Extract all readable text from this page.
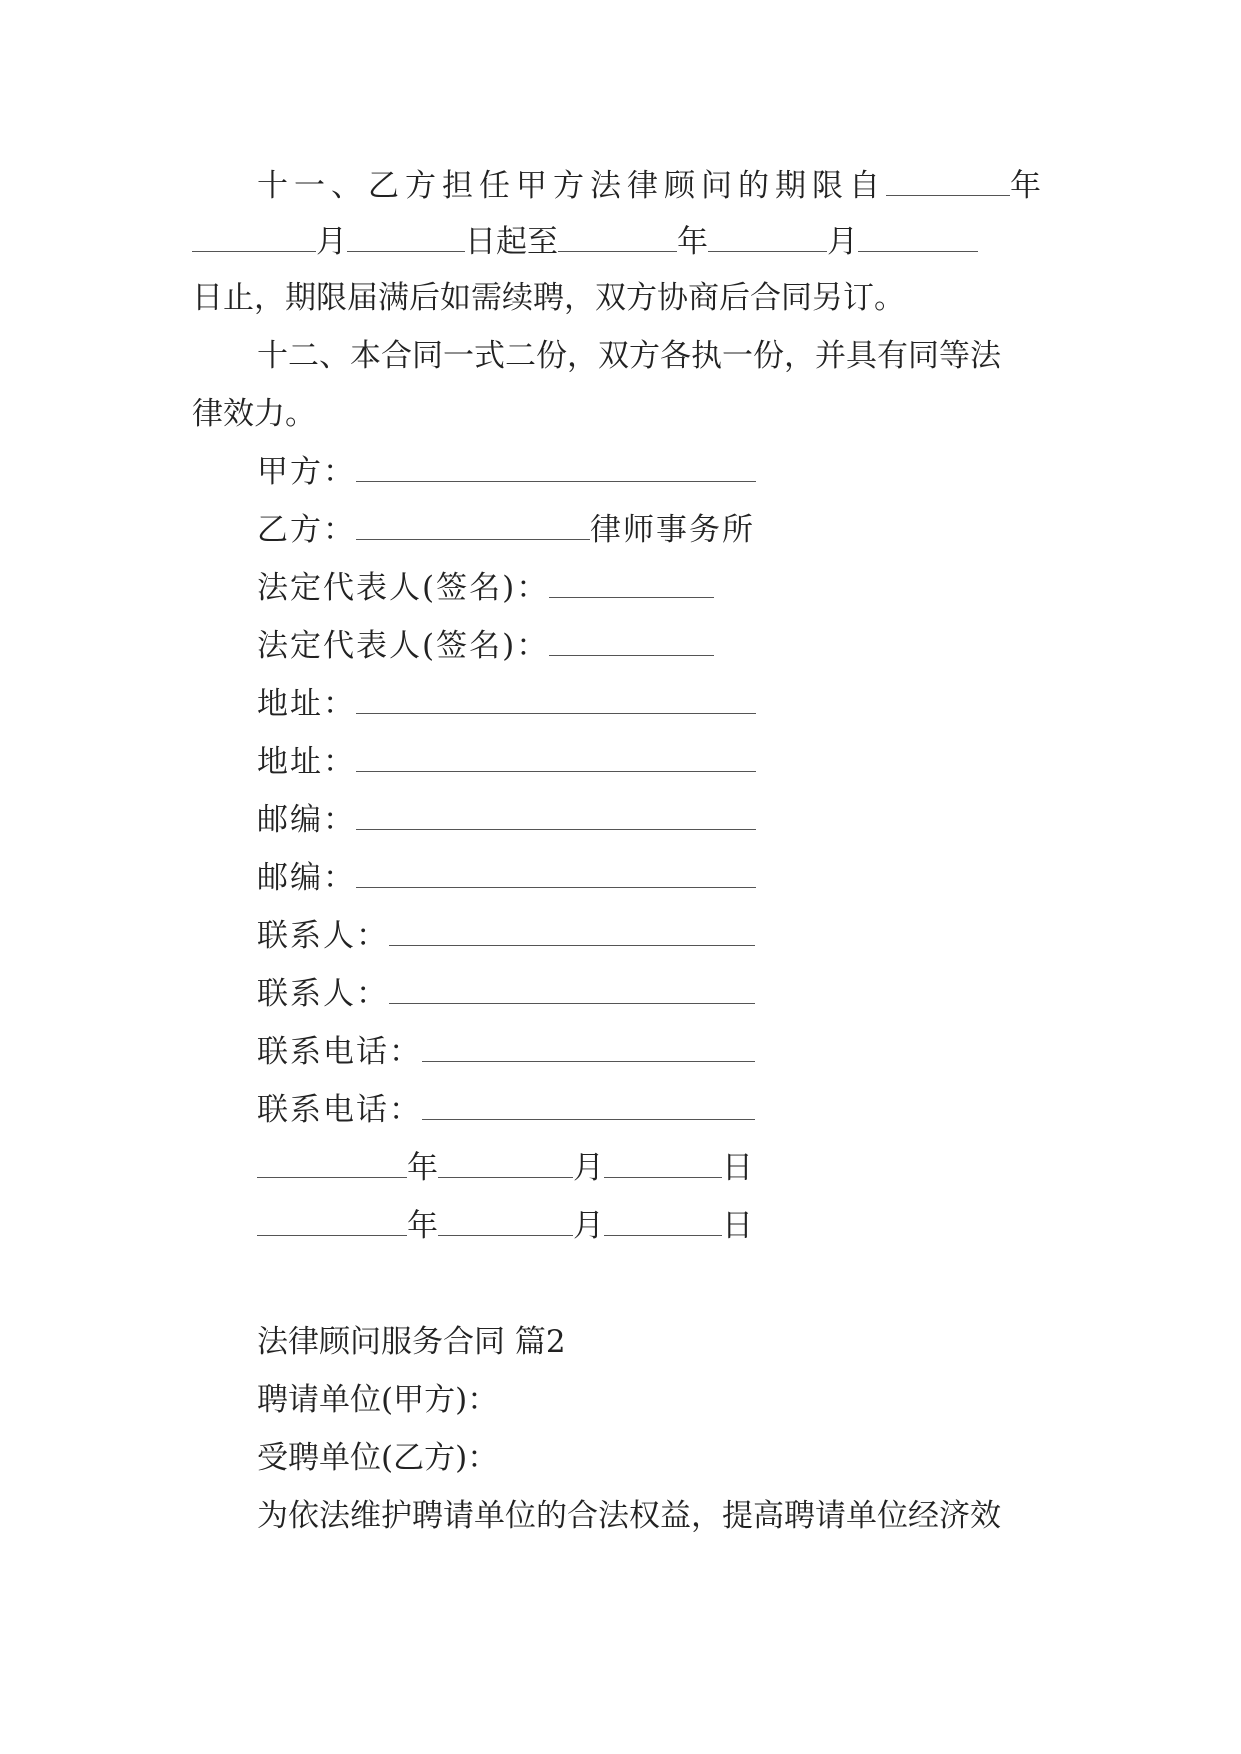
十一、乙方担任甲方法律顾问的期限自	年
月	日起至	年	月
日止，期限届满后如需续聘，双方协商后合同另订。
十二、本合同一式二份，双方各执一份，并具有同等法
律效力。
甲方：
乙方：	律师事务所
法定代表人(签名)：
法定代表人(签名)：
地址：
地址：
邮编：
邮编：
联系人：
联系人：
联系电话：
联系电话：
年	月	日
年	月	日
法律顾问服务合同 篇2
聘请单位(甲方)：
受聘单位(乙方)：
为依法维护聘请单位的合法权益，提高聘请单位经济效
